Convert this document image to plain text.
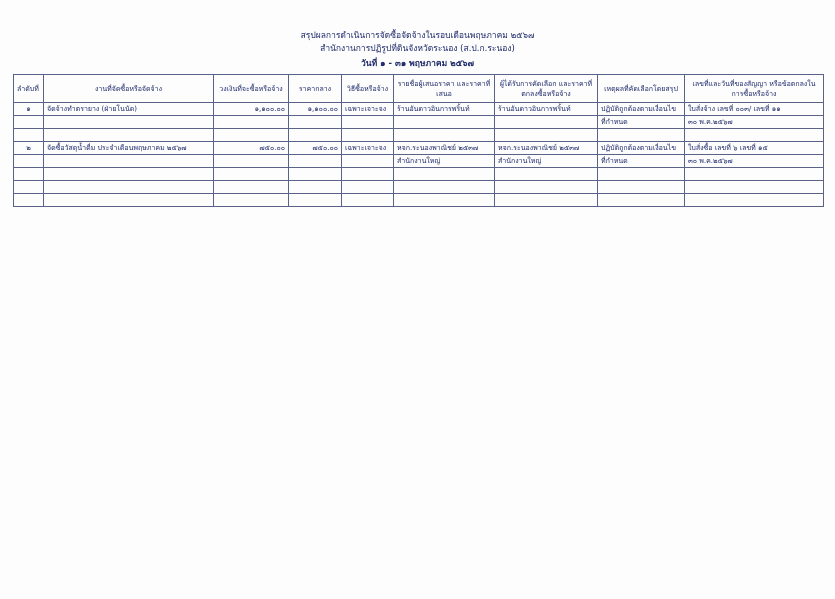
สรุปผลการดำเนินการจัดซื้อจัดจ้างในรอบเดือนพฤษภาคม ๒๕๖๗
สำนักงานการปฏิรูปที่ดินจังหวัดระนอง (ส.ป.ก.ระนอง)
วันที่ ๑ - ๓๑ พฤษภาคม ๒๕๖๗
ลำดับที่	งานที่จัดซื้อหรือจัดจ้าง	วงเงินที่จะซื้อหรือจ้าง	ราคากลาง	วิธีซื้อหรือจ้าง	รายชื่อผู้เสนอราคา และราคาที่เสนอ	ผู้ได้รับการคัดเลือก และราคาที่ตกลงซื้อหรือจ้าง	เหตุผลที่คัดเลือกโดยสรุป	เลขที่และวันที่ของสัญญา หรือข้อตกลงในการซื้อหรือจ้าง
๑	จัดจ้างทำตรายาง (ฝ่ายโนนัด)	๑,๑๐๐.๐๐	๑,๑๐๐.๐๐	เฉพาะเจาะจง	ร้านอันดาวอินการพริ้นท์	ร้านอันดาวอินการพริ้นท์	ปฏิบัติถูกต้องตามเงื่อนไข	ใบสั่งจ้าง เลขที่ ๐๐๓/ เลขที่ ๑๑
							ที่กำหนด	๓๐ พ.ค.๒๕๖๗

๒	จัดซื้อวัสดุน้ำดื่ม ประจำเดือนพฤษภาคม ๒๕๖๗	๗๕๐.๐๐	๗๕๐.๐๐	เฉพาะเจาะจง	หจก.ระนองพาณิชย์ ๒๕๓๗	หจก.ระนองพาณิชย์ ๒๕๓๗	ปฏิบัติถูกต้องตามเงื่อนไข	ใบสั่งซื้อ เลขที่ ๖ เลขที่ ๑๕
					สำนักงานใหญ่	สำนักงานใหญ่	ที่กำหนด	๓๐ พ.ค.๒๕๖๗
